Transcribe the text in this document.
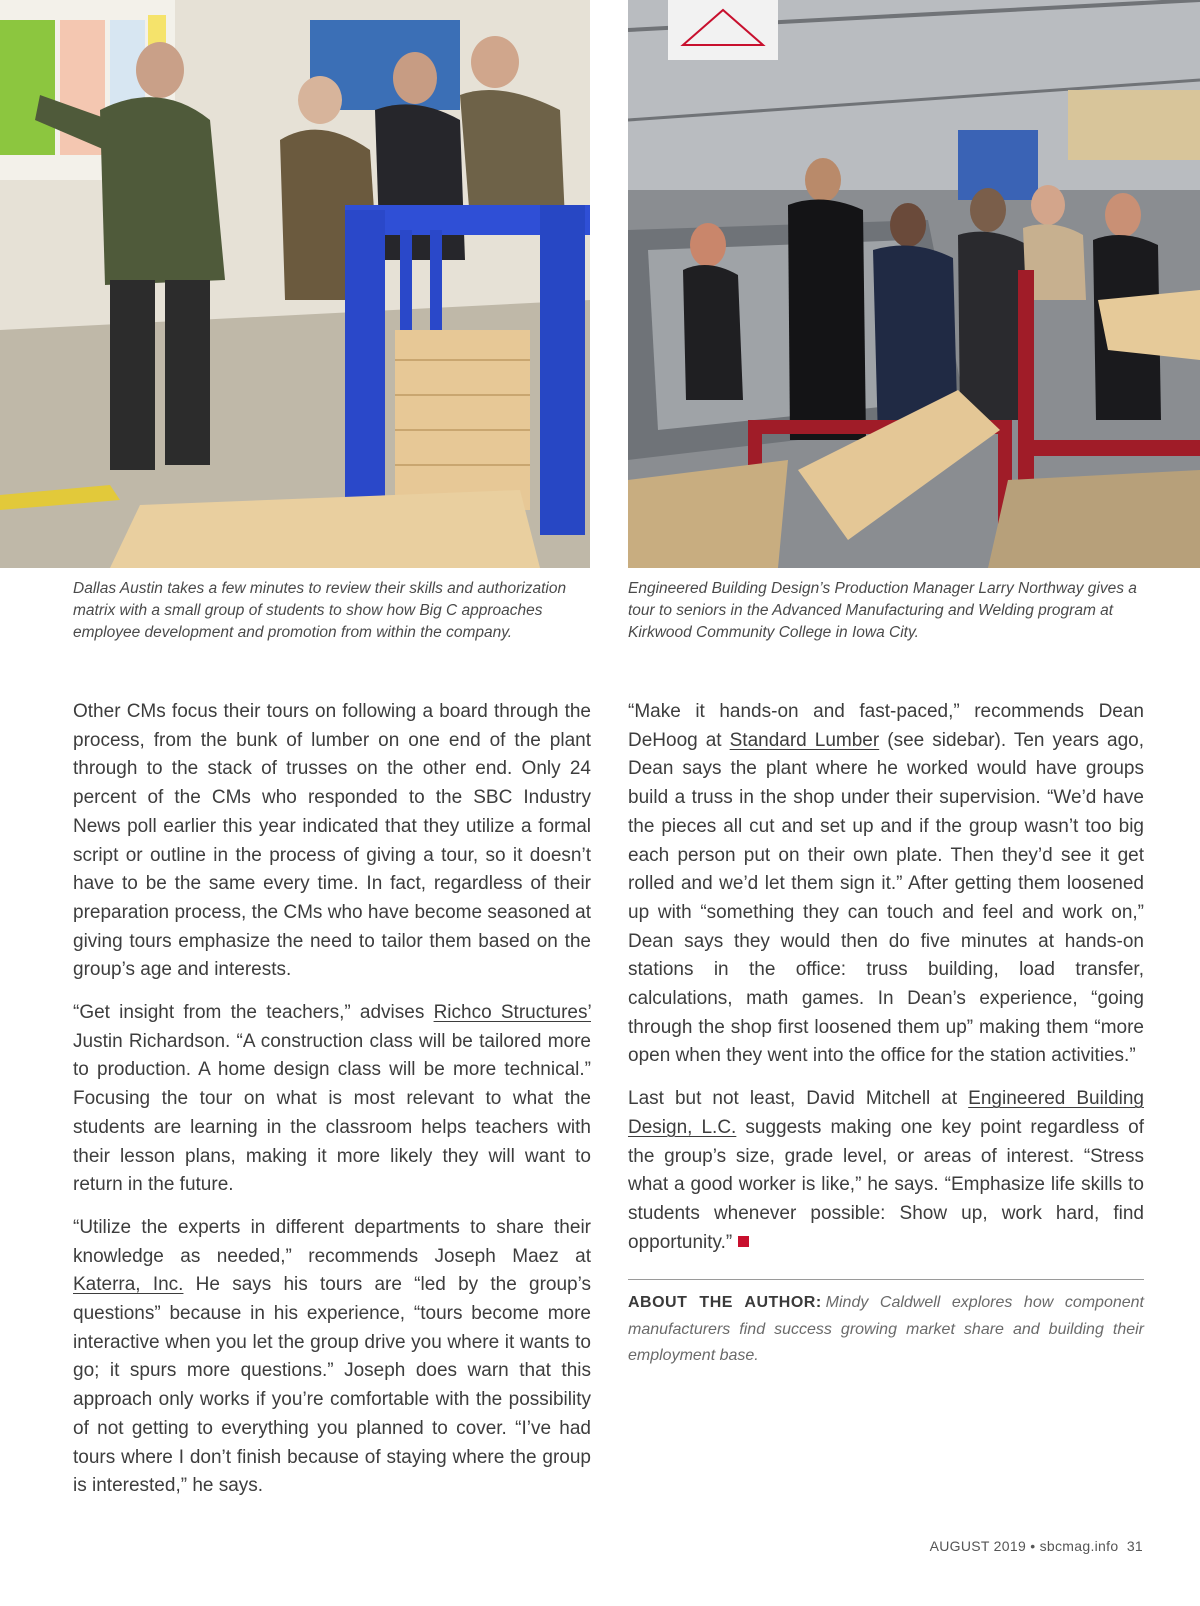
Dallas Austin takes a few minutes to review their skills and authorization matrix with a small group of students to show how Big C approaches employee development and promotion from within the company.

Engineered Building Design’s Production Manager Larry Northway gives a tour to seniors in the Advanced Manufacturing and Welding program at Kirkwood Community College in Iowa City.

Other CMs focus their tours on following a board through the process, from the bunk of lumber on one end of the plant through to the stack of trusses on the other end. Only 24 percent of the CMs who responded to the SBC Industry News poll earlier this year indicated that they utilize a formal script or outline in the process of giving a tour, so it doesn’t have to be the same every time. In fact, regardless of their preparation process, the CMs who have become seasoned at giving tours emphasize the need to tailor them based on the group’s age and interests.

“Get insight from the teachers,” advises Richco Structures’ Justin Richardson. “A construction class will be tailored more to production. A home design class will be more technical.” Focusing the tour on what is most relevant to what the students are learning in the classroom helps teachers with their lesson plans, making it more likely they will want to return in the future.

“Utilize the experts in different departments to share their knowledge as needed,” recommends Joseph Maez at Katerra, Inc. He says his tours are “led by the group’s questions” because in his experience, “tours become more interactive when you let the group drive you where it wants to go; it spurs more questions.” Joseph does warn that this approach only works if you’re comfortable with the possibility of not getting to everything you planned to cover. “I’ve had tours where I don’t finish because of staying where the group is interested,” he says.

“Make it hands-on and fast-paced,” recommends Dean DeHoog at Standard Lumber (see sidebar). Ten years ago, Dean says the plant where he worked would have groups build a truss in the shop under their supervision. “We’d have the pieces all cut and set up and if the group wasn’t too big each person put on their own plate. Then they’d see it get rolled and we’d let them sign it.” After getting them loosened up with “something they can touch and feel and work on,” Dean says they would then do five minutes at hands-on stations in the office: truss building, load transfer, calculations, math games. In Dean’s experience, “going through the shop first loosened them up” making them “more open when they went into the office for the station activities.”

Last but not least, David Mitchell at Engineered Building Design, L.C. suggests making one key point regardless of the group’s size, grade level, or areas of interest. “Stress what a good worker is like,” he says. “Emphasize life skills to students whenever possible: Show up, work hard, find opportunity.”

ABOUT THE AUTHOR: Mindy Caldwell explores how component manufacturers find success growing market share and building their employment base.
AUGUST 2019 • sbcmag.info 31
